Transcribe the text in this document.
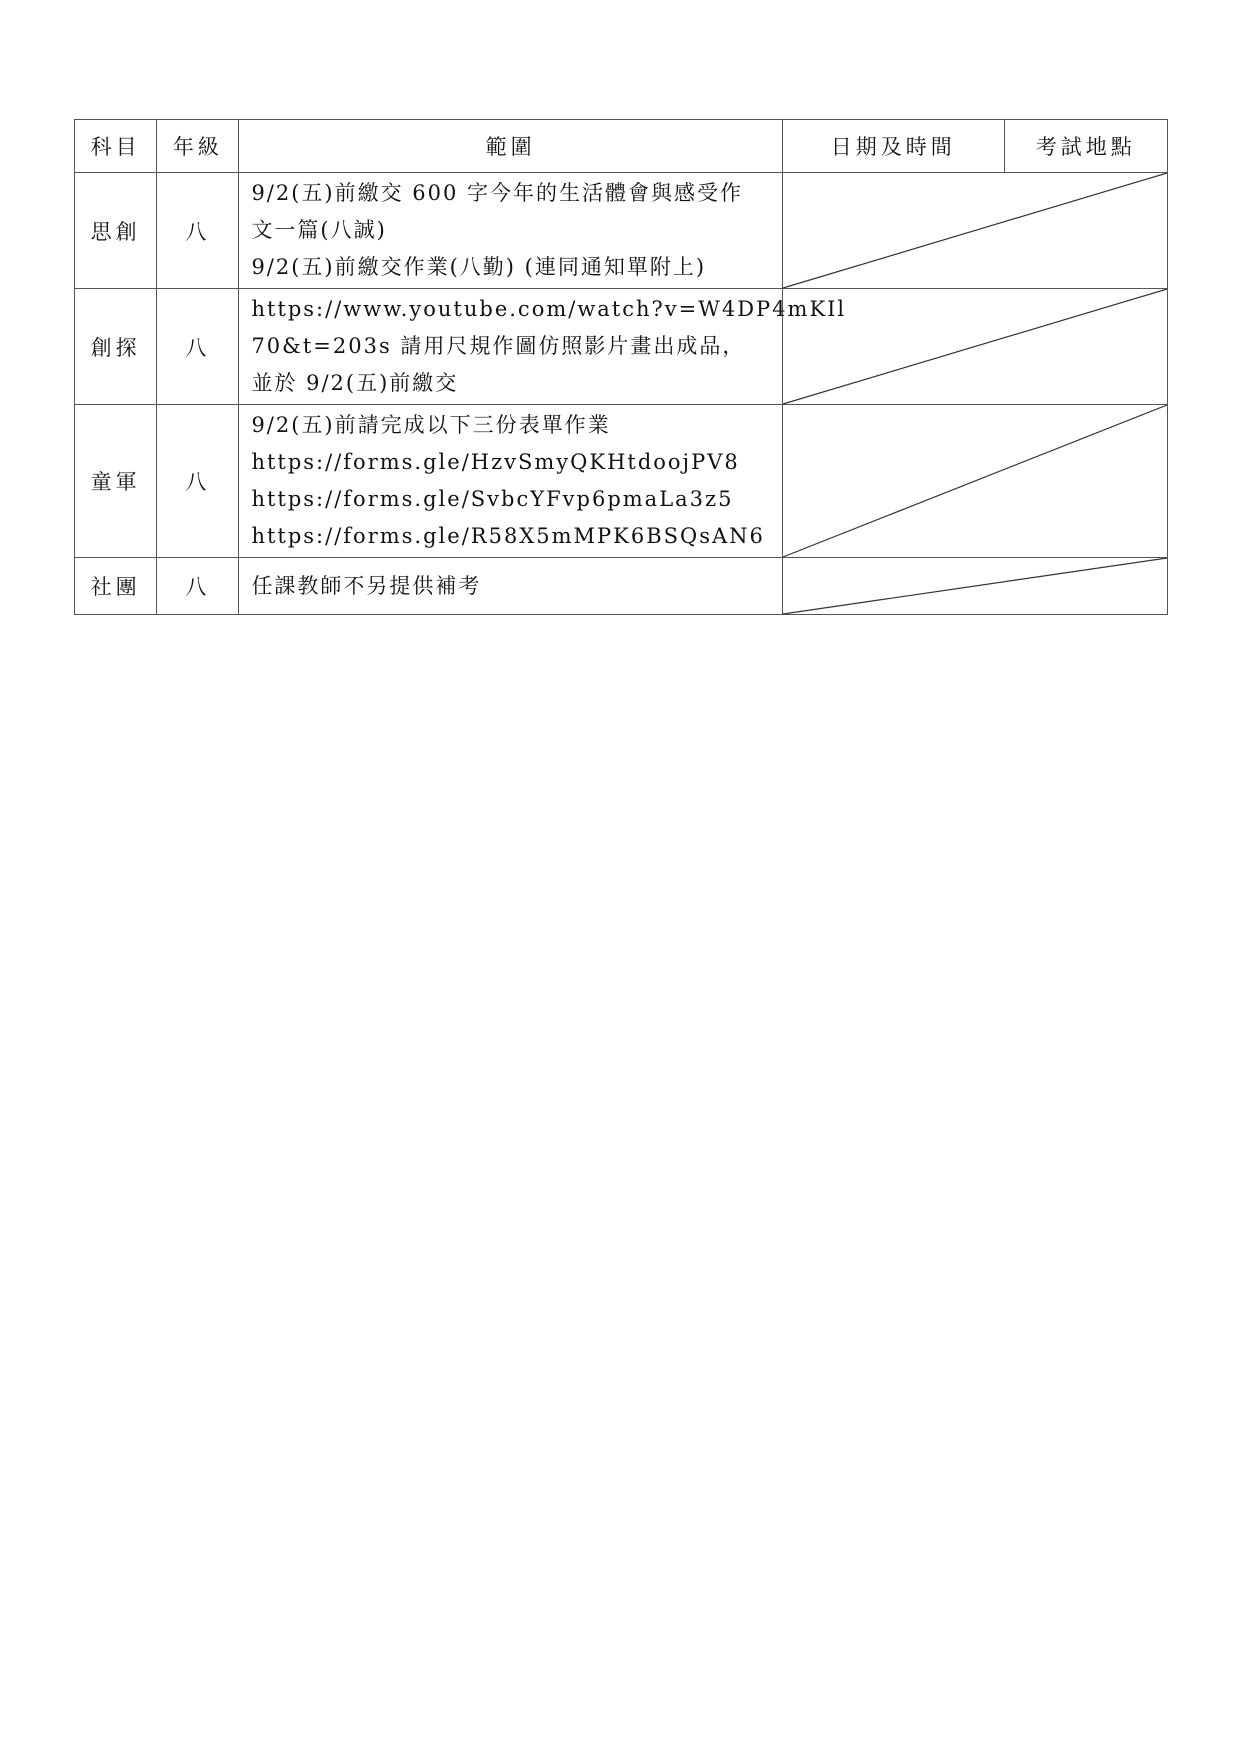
科目	年級	範圍	日期及時間	考試地點
思創	八	9/2(五)前繳交 600 字今年的生活體會與感受作
文一篇(八誠)
9/2(五)前繳交作業(八勤) (連同通知單附上)

創探	八	https://www.youtube.com/watch?v=W4DP4mKIl
70&t=203s 請用尺規作圖仿照影片畫出成品，
並於 9/2(五)前繳交

童軍	八	9/2(五)前請完成以下三份表單作業
https://forms.gle/HzvSmyQKHtdoojPV8
https://forms.gle/SvbcYFvp6pmaLa3z5
https://forms.gle/R58X5mMPK6BSQsAN6

社團	八	任課教師不另提供補考
